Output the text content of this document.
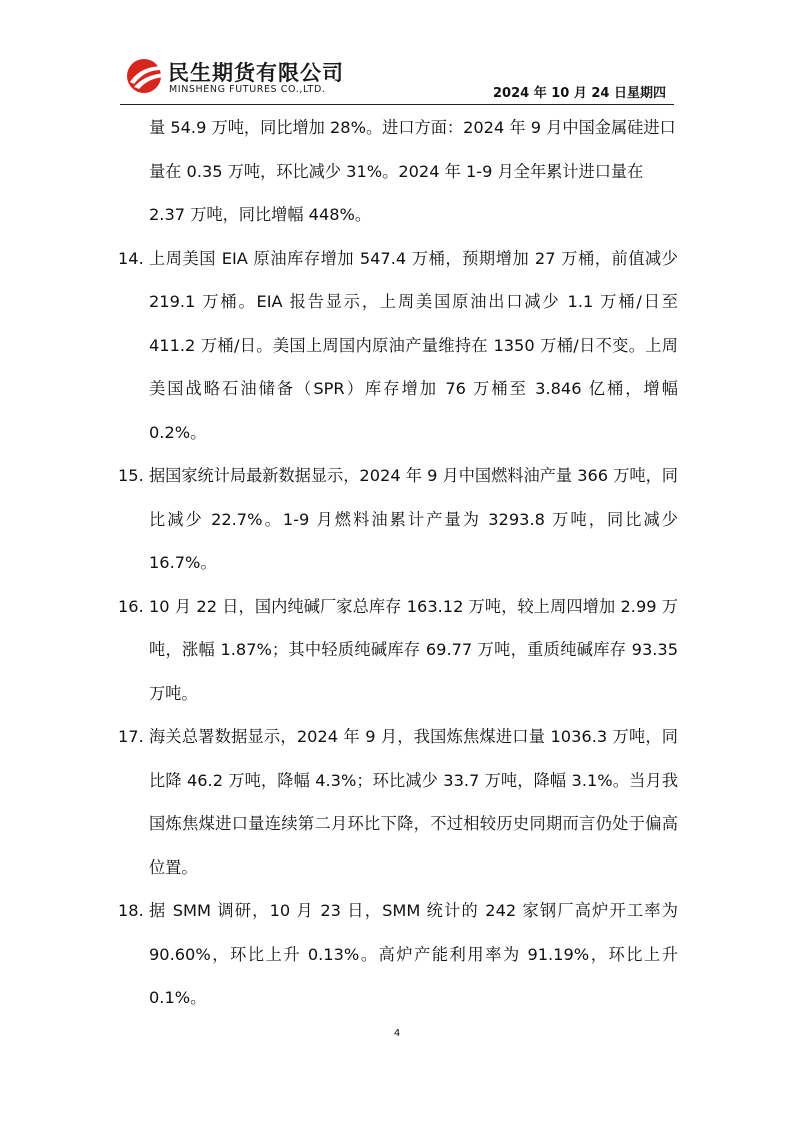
民生期货有限公司
MINSHENG FUTURES CO.,LTD.	2024 年 10 月 24 日星期四

量 54.9 万吨，同比增加 28%。进口方面：2024 年 9 月中国金属硅进口量在 0.35 万吨，环比减少 31%。2024 年 1-9 月全年累计进口量在 2.37 万吨，同比增幅 448%。

14. 上周美国 EIA 原油库存增加 547.4 万桶，预期增加 27 万桶，前值减少 219.1 万桶。EIA 报告显示，上周美国原油出口减少 1.1 万桶/日至 411.2 万桶/日。美国上周国内原油产量维持在 1350 万桶/日不变。上周美国战略石油储备（SPR）库存增加 76 万桶至 3.846 亿桶，增幅 0.2%。
15. 据国家统计局最新数据显示，2024 年 9 月中国燃料油产量 366 万吨，同比减少 22.7%。1-9 月燃料油累计产量为 3293.8 万吨，同比减少 16.7%。
16. 10 月 22 日，国内纯碱厂家总库存 163.12 万吨，较上周四增加 2.99 万吨，涨幅 1.87%；其中轻质纯碱库存 69.77 万吨，重质纯碱库存 93.35 万吨。
17. 海关总署数据显示，2024 年 9 月，我国炼焦煤进口量 1036.3 万吨，同比降 46.2 万吨，降幅 4.3%；环比减少 33.7 万吨，降幅 3.1%。当月我国炼焦煤进口量连续第二月环比下降，不过相较历史同期而言仍处于偏高位置。
18. 据 SMM 调研，10 月 23 日，SMM 统计的 242 家钢厂高炉开工率为 90.60%，环比上升 0.13%。高炉产能利用率为 91.19%，环比上升 0.1%。
4
